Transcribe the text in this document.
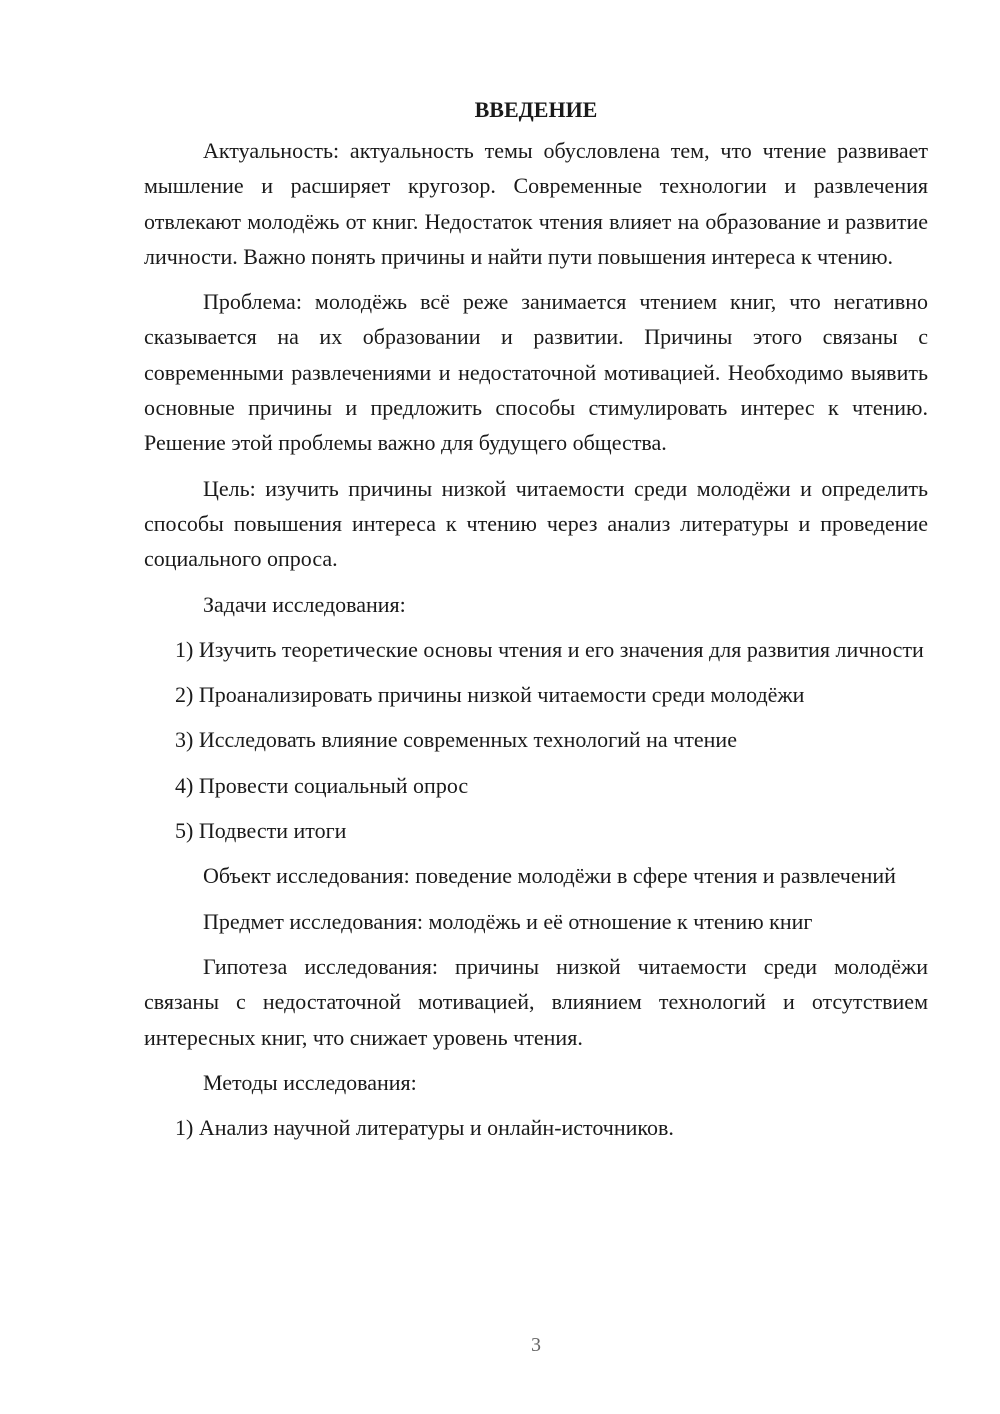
ВВЕДЕНИЕ

Актуальность: актуальность темы обусловлена тем, что чтение развивает мышление и расширяет кругозор. Современные технологии и развлечения отвлекают молодёжь от книг. Недостаток чтения влияет на образование и развитие личности. Важно понять причины и найти пути повышения интереса к чтению.

Проблема: молодёжь всё реже занимается чтением книг, что негативно сказывается на их образовании и развитии. Причины этого связаны с современными развлечениями и недостаточной мотивацией. Необходимо выявить основные причины и предложить способы стимулировать интерес к чтению. Решение этой проблемы важно для будущего общества.

Цель: изучить причины низкой читаемости среди молодёжи и определить способы повышения интереса к чтению через анализ литературы и проведение социального опроса.

Задачи исследования:

1) Изучить теоретические основы чтения и его значения для развития личности

2) Проанализировать причины низкой читаемости среди молодёжи

3) Исследовать влияние современных технологий на чтение

4) Провести социальный опрос

5) Подвести итоги

Объект исследования: поведение молодёжи в сфере чтения и развлечений

Предмет исследования: молодёжь и её отношение к чтению книг

Гипотеза исследования: причины низкой читаемости среди молодёжи связаны с недостаточной мотивацией, влиянием технологий и отсутствием интересных книг, что снижает уровень чтения.

Методы исследования:

1) Анализ научной литературы и онлайн-источников.

3
